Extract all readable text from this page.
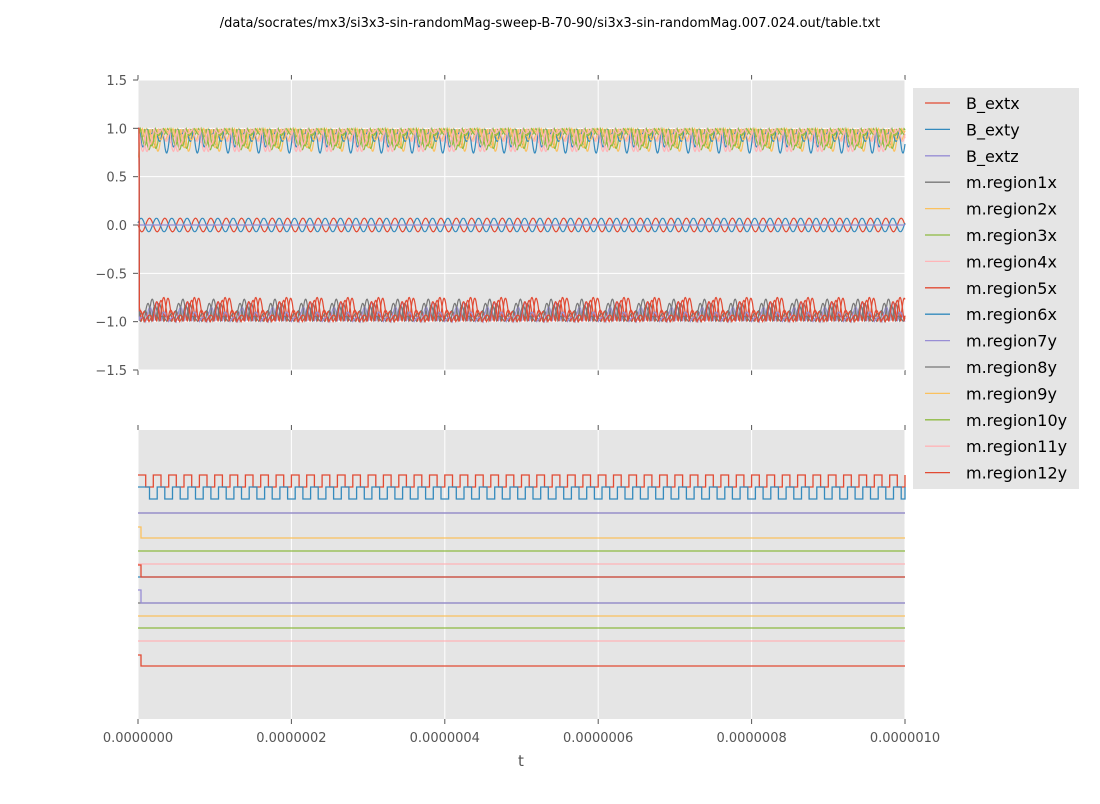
/data/socrates/mx3/si3x3-sin-randomMag-sweep-B-70-90/si3x3-sin-randomMag.007.024.out/table.txt
t
1.5
1.0
0.5
0.0
−0.5
−1.0
−1.5
0.0000000	0.0000002	0.0000004	0.0000006	0.0000008	0.0000010
B_extx
B_exty
B_extz
m.region1x
m.region2x
m.region3x
m.region4x
m.region5x
m.region6x
m.region7y
m.region8y
m.region9y
m.region10y
m.region11y
m.region12y
